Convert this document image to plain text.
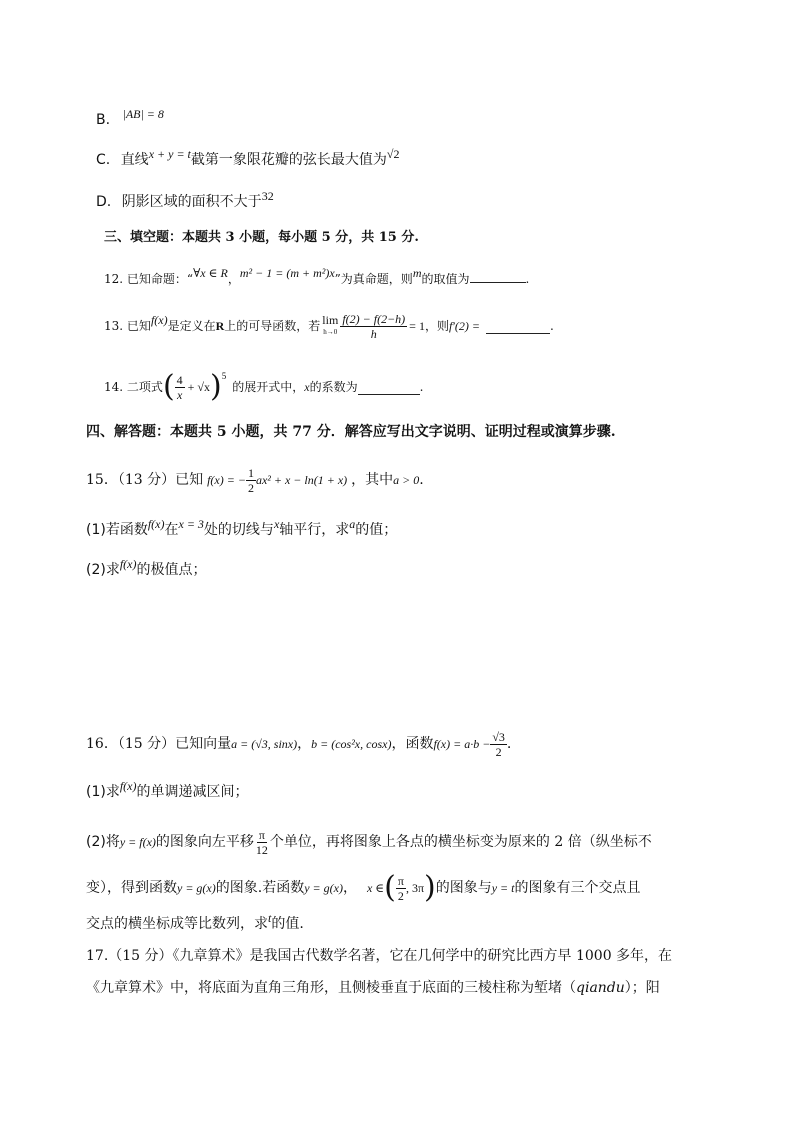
B. |AB| = 8
C. 直线x + y = t截第一象限花瓣的弦长最大值为√2
D. 阴影区域的面积不大于32
三、填空题：本题共 3 小题，每小题 5 分，共 15 分.
12. 已知命题：“∀x ∈ R，m² − 1 = (m + m²)x”为真命题，则m的取值为	.
13.
已知 f(x) 是定义在 R 上的可导函数，若 lim
$h\to 0 \frac{f(2) - f(2-h)}{h} = 1$ ，则 f′(2) =	.
14.
二项式 ( $\frac{4}{x} + √x$ ) 5
的展开式中， x 的系数为	.
四、解答题：本题共 5 小题，共 77 分．解答应写出文字说明、证明过程或演算步骤.
15．（13 分）已知 f(x) = − $\frac{1}{2} ax^2 + x - \ln(1 + x)$ ，其中 a > 0 .
(1)若函数f(x)在x = 3处的切线与x轴平行，求a的值；
(2)求f(x)的极值点；
16．（15 分）已知向量 a = (√3, sinx) ， b = (cos²x, cosx) ，函数 $f(x) = a\cdot b - \frac{√3}{2}$ .
(1)求f(x)的单调递减区间；
(2)将 y = f(x) 的图象向左平移 $\frac{\pi}{12}$ 个单位，再将图象上各点的横坐标变为原来的 2 倍（纵坐标不
变），得到函数 y = g(x) 的图象.若函数 y = g(x) ， x ∈ ( $\frac{\pi}{2}$ , 3π ) 的图象与 y = t 的图象有三个交点且
交点的横坐标成等比数列，求t的值.
17.（15 分）《九章算术》是我国古代数学名著，它在几何学中的研究比西方早 1000 多年，在
《九章算术》中，将底面为直角三角形，且侧棱垂直于底面的三棱柱称为堑堵（qiandu）；阳
